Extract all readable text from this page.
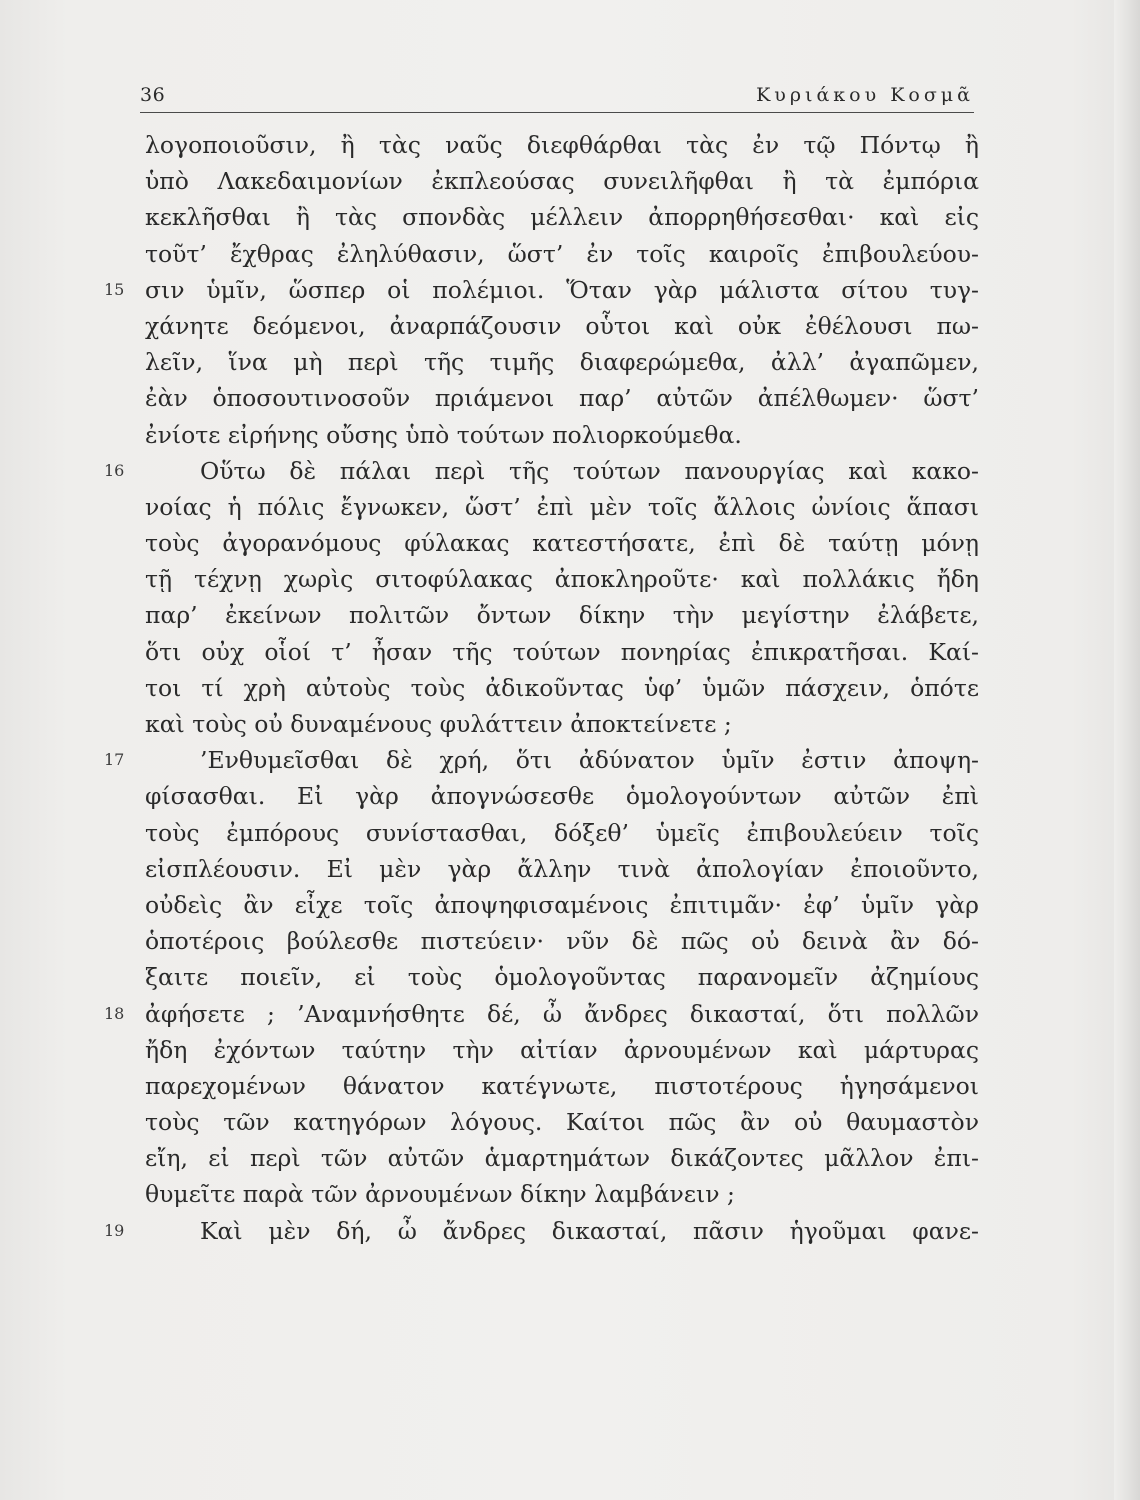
36	Κυριάκου Κοσμᾶ
λογοποιοῦσιν, ἢ τὰς ναῦς διεφθάρθαι τὰς ἐν τῷ Πόντῳ ἢ
ὑπὸ Λακεδαιμονίων ἐκπλεούσας συνειλῆφθαι ἢ τὰ ἐμπόρια
κεκλῆσθαι ἢ τὰς σπονδὰς μέλλειν ἀπορρηθήσεσθαι· καὶ εἰς
τοῦτ’ ἔχθρας ἐληλύθασιν, ὥστ’ ἐν τοῖς καιροῖς ἐπιβουλεύου-
15 σιν ὑμῖν, ὥσπερ οἱ πολέμιοι. Ὅταν γὰρ μάλιστα σίτου τυγ-
χάνητε δεόμενοι, ἀναρπάζουσιν οὗτοι καὶ οὐκ ἐθέλουσι πω-
λεῖν, ἵνα μὴ περὶ τῆς τιμῆς διαφερώμεθα, ἀλλ’ ἀγαπῶμεν,
ἐὰν ὁποσουτινοσοῦν πριάμενοι παρ’ αὐτῶν ἀπέλθωμεν· ὥστ’
ἐνίοτε εἰρήνης οὔσης ὑπὸ τούτων πολιορκούμεθα.
16	Οὕτω δὲ πάλαι περὶ τῆς τούτων πανουργίας καὶ κακο-
νοίας ἡ πόλις ἔγνωκεν, ὥστ’ ἐπὶ μὲν τοῖς ἄλλοις ὠνίοις ἅπασι
τοὺς ἀγορανόμους φύλακας κατεστήσατε, ἐπὶ δὲ ταύτῃ μόνῃ
τῇ τέχνῃ χωρὶς σιτοφύλακας ἀποκληροῦτε· καὶ πολλάκις ἤδη
παρ’ ἐκείνων πολιτῶν ὄντων δίκην τὴν μεγίστην ἐλάβετε,
ὅτι οὐχ οἷοί τ’ ἦσαν τῆς τούτων πονηρίας ἐπικρατῆσαι. Καί-
τοι τί χρὴ αὐτοὺς τοὺς ἀδικοῦντας ὑφ’ ὑμῶν πάσχειν, ὁπότε
καὶ τοὺς οὐ δυναμένους φυλάττειν ἀποκτείνετε ;
17	’Ενθυμεῖσθαι δὲ χρή, ὅτι ἀδύνατον ὑμῖν ἐστιν ἀποψη-
φίσασθαι. Εἰ γὰρ ἀπογνώσεσθε ὁμολογούντων αὐτῶν ἐπὶ
τοὺς ἐμπόρους συνίστασθαι, δόξεθ’ ὑμεῖς ἐπιβουλεύειν τοῖς
εἰσπλέουσιν. Εἰ μὲν γὰρ ἄλλην τινὰ ἀπολογίαν ἐποιοῦντο,
οὐδεὶς ἂν εἶχε τοῖς ἀποψηφισαμένοις ἐπιτιμᾶν· ἐφ’ ὑμῖν γὰρ
ὁποτέροις βούλεσθε πιστεύειν· νῦν δὲ πῶς οὐ δεινὰ ἂν δό-
ξαιτε ποιεῖν, εἰ τοὺς ὁμολογοῦντας παρανομεῖν ἀζημίους
18 ἀφήσετε ; ’Αναμνήσθητε δέ, ὦ ἄνδρες δικασταί, ὅτι πολλῶν
ἤδη ἐχόντων ταύτην τὴν αἰτίαν ἀρνουμένων καὶ μάρτυρας
παρεχομένων θάνατον κατέγνωτε, πιστοτέρους ἡγησάμενοι
τοὺς τῶν κατηγόρων λόγους. Καίτοι πῶς ἂν οὐ θαυμαστὸν
εἴη, εἰ περὶ τῶν αὐτῶν ἁμαρτημάτων δικάζοντες μᾶλλον ἐπι-
θυμεῖτε παρὰ τῶν ἀρνουμένων δίκην λαμβάνειν ;
19	Καὶ μὲν δή, ὦ ἄνδρες δικασταί, πᾶσιν ἡγοῦμαι φανε-
